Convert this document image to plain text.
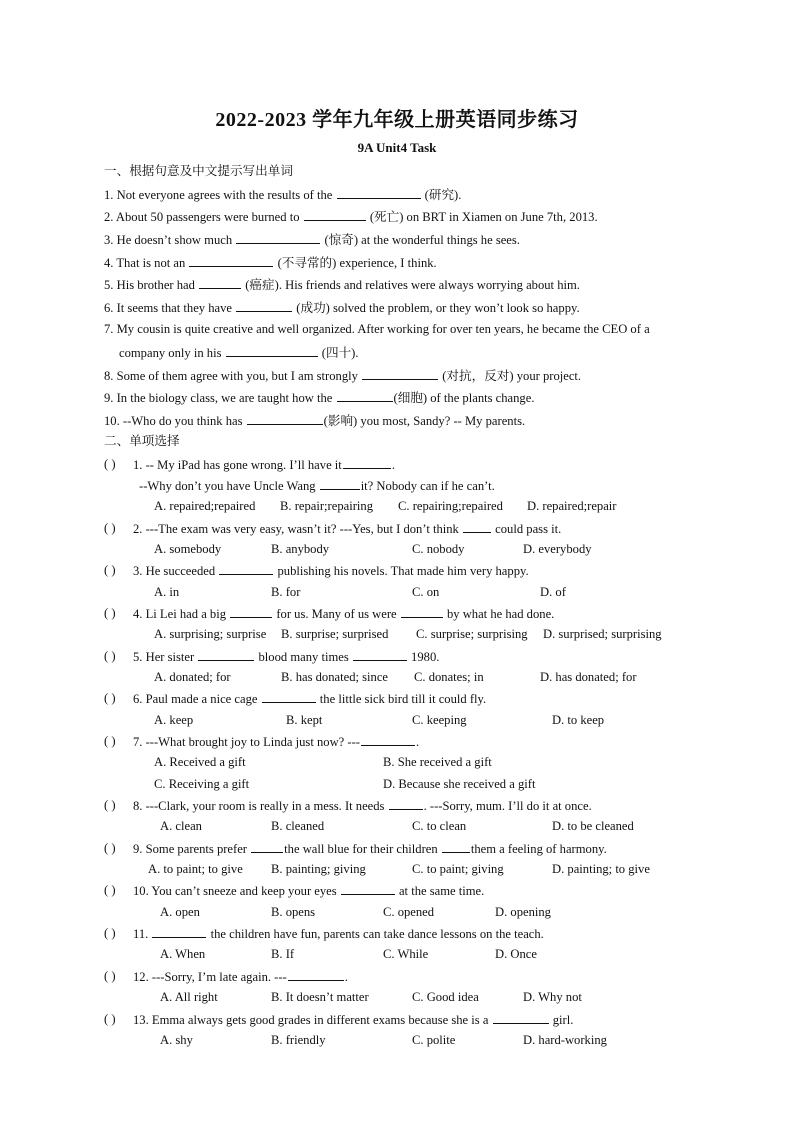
2022-2023 学年九年级上册英语同步练习
9A Unit4 Task
一、根据句意及中文提示写出单词
1. Not everyone agrees with the results of the	(研究).
2. About 50 passengers were burned to	(死亡) on BRT in Xiamen on June 7th, 2013.
3. He doesn’t show much	(惊奇) at the wonderful things he sees.
4. That is not an	(不寻常的) experience, I think.
5. His brother had	(癌症). His friends and relatives were always worrying about him.
6. It seems that they have	(成功) solved the problem, or they won’t look so happy.
7. My cousin is quite creative and well organized. After working for over ten years, he became the CEO of a
company only in his	(四十).
8. Some of them agree with you, but I am strongly	(对抗，反对) your project.
9. In the biology class, we are taught how the	(细胞) of the plants change.
10. --Who do you think has	(影响) you most, Sandy? -- My parents.
二、单项选择
( ) 1. -- My iPad has gone wrong. I’ll have it	.
--Why don’t you have Uncle Wang	it? Nobody can if he can’t.
A. repaired;repaired B. repair;repairing C. repairing;repaired D. repaired;repair
( ) 2. ---The exam was very easy, wasn’t it? ---Yes, but I don’t think  could pass it.
A. somebody	B. anybody	C. nobody	D. everybody
( ) 3. He succeeded	publishing his novels. That made him very happy.
A. in	B. for	C. on	D. of
( ) 4. Li Lei had a big	for us. Many of us were	by what he had done.
A. surprising; surprise B. surprise; surprised C. surprise; surprising D. surprised; surprising
( ) 5. Her sister	blood many times	1980.
A. donated; for	B. has donated; since C. donates; in	D. has donated; for
( ) 6. Paul made a nice cage	the little sick bird till it could fly.
A. keep	B. kept	C. keeping	D. to keep
( ) 7. ---What brought joy to Linda just now? ---	.
A. Received a gift	B. She received a gift
C. Receiving a gift	D. Because she received a gift
( ) 8. ---Clark, your room is really in a mess. It needs	. ---Sorry, mum. I’ll do it at once.
A. clean	B. cleaned	C. to clean	D. to be cleaned
( ) 9. Some parents prefer	the wall blue for their children them a feeling of harmony.
A. to paint; to give B. painting; giving	C. to paint; giving	D. painting; to give
( ) 10. You can’t sneeze and keep your eyes	at the same time.
A. open	B. opens	C. opened	D. opening
( ) 11.	the children have fun, parents can take dance lessons on the teach.
A. When	B. If	C. While	D. Once
( ) 12. ---Sorry, I’m late again. ---	.
A. All right	B. It doesn’t matter	C. Good idea	D. Why not
( ) 13. Emma always gets good grades in different exams because she is a	girl.
A. shy	B. friendly	C. polite	D. hard-working
